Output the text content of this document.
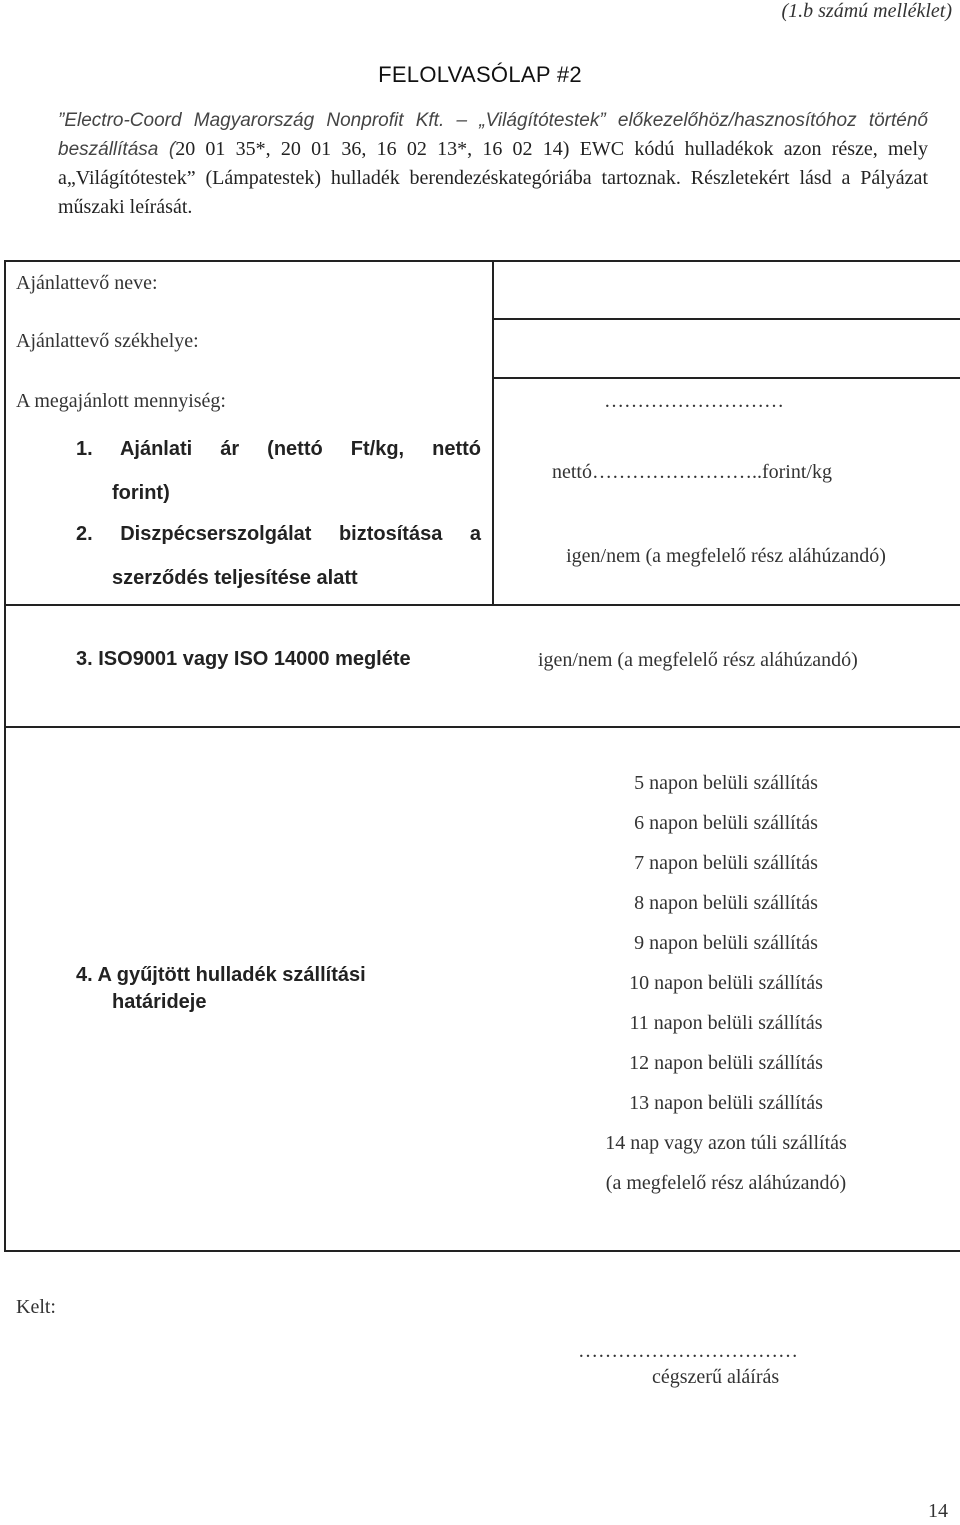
(1.b számú melléklet)
FELOLVASÓLAP #2
”Electro-Coord Magyarország Nonprofit Kft. – „Világítótestek” előkezelőhöz/hasznosítóhoz történő beszállítása (20 01 35*, 20 01 36, 16 02 13*, 16 02 14) EWC kódú hulladékok azon része, mely a„Világítótestek” (Lámpatestek) hulladék berendezéskategóriába tartoznak. Részletekért lásd a Pályázat műszaki leírását.
Ajánlattevő neve:
Ajánlattevő székhelye:
A megajánlott mennyiség:	………………………
1. Ajánlati ár (nettó Ft/kg, nettó
forint)
nettó……………………..forint/kg
2. Diszpécserszolgálat biztosítása a
szerződés teljesítése alatt
igen/nem (a megfelelő rész aláhúzandó)
3. ISO9001 vagy ISO 14000 megléte	igen/nem (a megfelelő rész aláhúzandó)
4. A gyűjtött hulladék szállítási
határideje
5 napon belüli szállítás
6 napon belüli szállítás
7 napon belüli szállítás
8 napon belüli szállítás
9 napon belüli szállítás
10 napon belüli szállítás
11 napon belüli szállítás
12 napon belüli szállítás
13 napon belüli szállítás
14 nap vagy azon túli szállítás
(a megfelelő rész aláhúzandó)
Kelt:
……………………………
cégszerű aláírás
14
